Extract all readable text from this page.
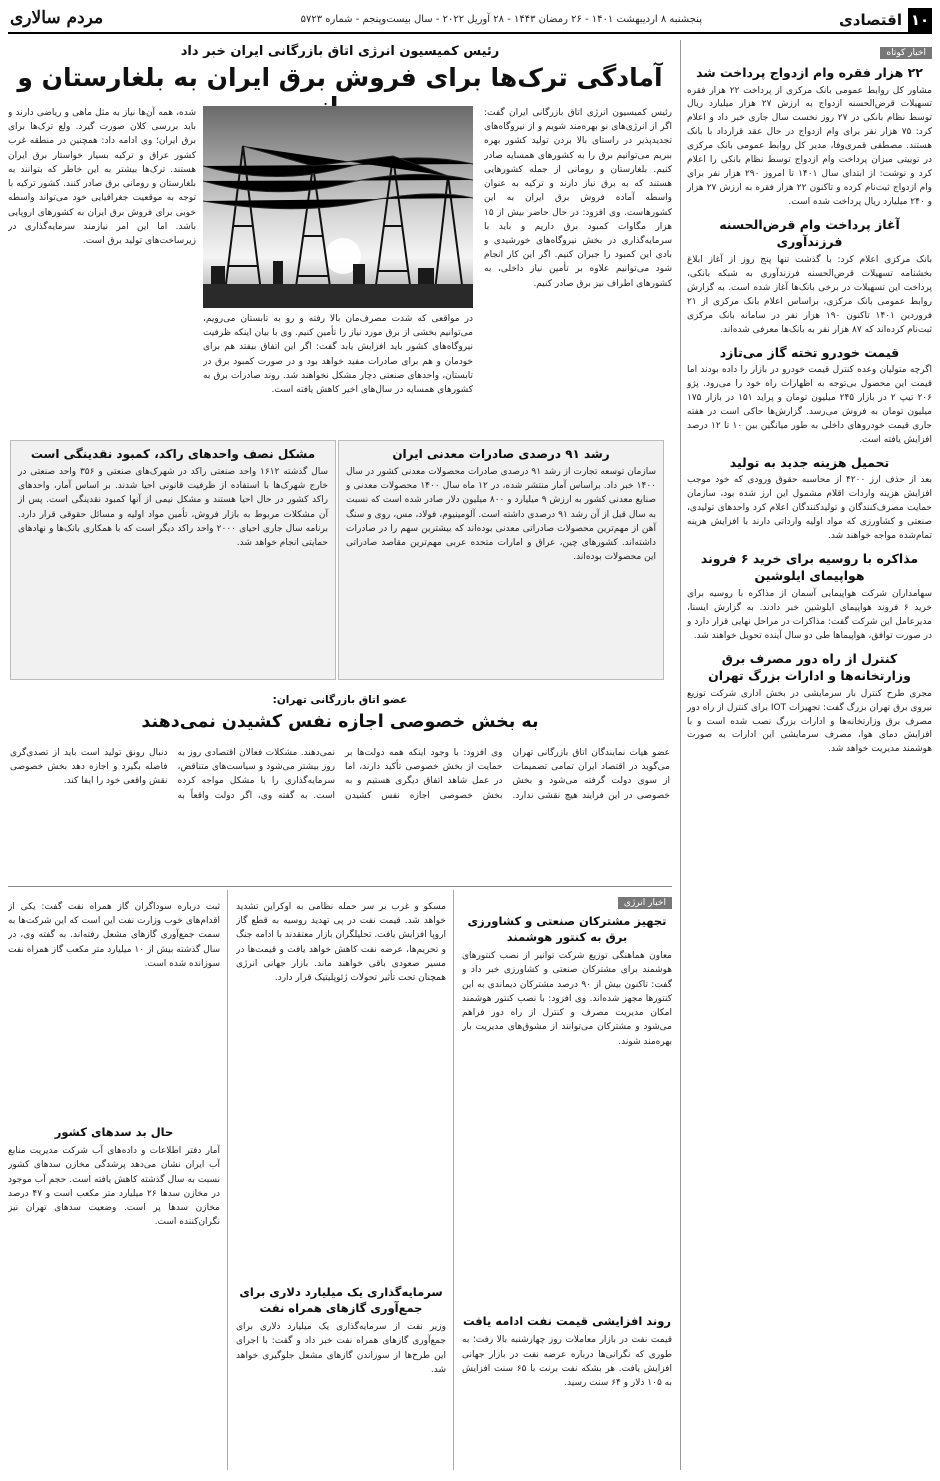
۱۰
اقتصادی
پنجشنبه ۸ اردیبهشت ۱۴۰۱ - ۲۶ رمضان ۱۴۴۳ - ۲۸ آوریل ۲۰۲۲ - سال بیست‌و‌پنجم - شماره ۵۷۲۳
مردم سالاری
اخبار کوتاه
۲۲ هزار فقره وام ازدواج پرداخت شد
مشاور کل روابط عمومی بانک مرکزی از پرداخت ۲۲ هزار فقره تسهیلات قرض‌الحسنه ازدواج به ارزش ۲۷ هزار میلیارد ریال توسط نظام بانکی در ۲۷ روز نخست سال جاری خبر داد و اعلام کرد: ۷۵ هزار نفر برای وام ازدواج در حال عقد قرارداد با بانک هستند. مصطفی قمری‌وفا، مدیر کل روابط عمومی بانک مرکزی در توییتی میزان پرداخت وام ازدواج توسط نظام بانکی را اعلام کرد و نوشت: از ابتدای سال ۱۴۰۱ تا امروز ۲۹۰ هزار نفر برای وام ازدواج ثبت‌نام کرده و تاکنون ۲۲ هزار فقره به ارزش ۲۷ هزار و ۲۴۰ میلیارد ریال پرداخت شده است.
آغاز پرداخت وام قرض‌الحسنه فرزندآوری
بانک مرکزی اعلام کرد: با گذشت تنها پنج روز از آغاز ابلاغ بخشنامه تسهیلات قرض‌الحسنه فرزندآوری به شبکه بانکی، پرداخت این تسهیلات در برخی بانک‌ها آغاز شده است. به گزارش روابط عمومی بانک مرکزی، براساس اعلام بانک مرکزی از ۲۱ فروردین ۱۴۰۱ تاکنون ۱۹۰ هزار نفر در سامانه بانک مرکزی ثبت‌نام کرده‌اند که ۸۷ هزار نفر به بانک‌ها معرفی شده‌اند.
قیمت خودرو تخته گاز می‌تازد
اگرچه متولیان وعده کنترل قیمت خودرو در بازار را داده بودند اما قیمت این محصول بی‌توجه به اظهارات راه خود را می‌رود. پژو ۲۰۶ تیپ ۲ در بازار ۲۴۵ میلیون تومان و پراید ۱۵۱ در بازار ۱۷۵ میلیون تومان به فروش می‌رسد. گزارش‌ها حاکی است در هفته جاری قیمت خودروهای داخلی به طور میانگین بین ۱۰ تا ۱۲ درصد افزایش یافته است.
تحمیل هزینه جدید به تولید
بعد از حذف ارز ۴۲۰۰ از محاسبه حقوق ورودی که خود موجب افزایش هزینه واردات اقلام مشمول این ارز شده بود، سازمان حمایت مصرف‌کنندگان و تولیدکنندگان اعلام کرد واحدهای تولیدی، صنعتی و کشاورزی که مواد اولیه وارداتی دارند با افزایش هزینه تمام‌شده مواجه خواهند شد.
مذاکره با روسیه برای خرید ۶ فروند هواپیمای ایلوشین
سهامداران شرکت هواپیمایی آسمان از مذاکره با روسیه برای خرید ۶ فروند هواپیمای ایلوشین خبر دادند. به گزارش ایسنا، مدیرعامل این شرکت گفت: مذاکرات در مراحل نهایی قرار دارد و در صورت توافق، هواپیماها طی دو سال آینده تحویل خواهند شد.
کنترل از راه دور مصرف برق وزارتخانه‌ها و ادارات بزرگ تهران
مجری طرح کنترل بار سرمایشی در بخش اداری شرکت توزیع نیروی برق تهران بزرگ گفت: تجهیزات IOT برای کنترل از راه دور مصرف برق وزارتخانه‌ها و ادارات بزرگ نصب شده است و با افزایش دمای هوا، مصرف سرمایشی این ادارات به صورت هوشمند مدیریت خواهد شد.
رئیس کمیسیون انرژی اتاق بازرگانی ایران خبر داد
آمادگی ترک‌ها برای فروش برق ایران به بلغارستان و
رئیس کمیسیون انرژی اتاق بازرگانی ایران گفت: اگر از انرژی‌های نو بهره‌مند شویم و از نیروگاه‌های تجدیدپذیر در راستای بالا بردن تولید کشور بهره ببریم می‌توانیم برق را به کشورهای همسایه صادر کنیم. بلغارستان و رومانی از جمله کشورهایی هستند که به برق نیاز دارند و ترکیه به عنوان واسطه آماده فروش برق ایران به این کشورهاست. وی افزود: در حال حاضر بیش از ۱۵ هزار مگاوات کمبود برق داریم و باید با سرمایه‌گذاری در بخش نیروگاه‌های خورشیدی و بادی این کمبود را جبران کنیم. اگر این کار انجام شود می‌توانیم علاوه بر تأمین نیاز داخلی، به کشورهای اطراف نیز برق صادر کنیم.
شده، همه آن‌ها نیاز به مثل ماهی و ریاضی دارند و باید بررسی کلان صورت گیرد. ولع ترک‌ها برای برق ایران؛ وی ادامه داد: همچنین در منطقه غرب کشور عراق و ترکیه بسیار خواستار برق ایران هستند. ترک‌ها بیشتر به این خاطر که بتوانند به بلغارستان و رومانی برق صادر کنند. کشور ترکیه با توجه به موقعیت جغرافیایی خود می‌تواند واسطه خوبی برای فروش برق ایران به کشورهای اروپایی باشد. اما این امر نیازمند سرمایه‌گذاری در زیرساخت‌های تولید برق است.
در مواقعی که شدت مصرف‌مان بالا رفته و رو به تابستان می‌رویم، می‌توانیم بخشی از برق مورد نیاز را تأمین کنیم. وی با بیان اینکه ظرفیت نیروگاه‌های کشور باید افزایش یابد گفت: اگر این اتفاق بیفتد هم برای خودمان و هم برای صادرات مفید خواهد بود و در صورت کمبود برق در تابستان، واحدهای صنعتی دچار مشکل نخواهند شد. روند صادرات برق به کشورهای همسایه در سال‌های اخیر کاهش یافته است.
رشد ۹۱ درصدی صادرات معدنی ایران
سازمان توسعه تجارت از رشد ۹۱ درصدی صادرات محصولات معدنی کشور در سال ۱۴۰۰ خبر داد. براساس آمار منتشر شده، در ۱۲ ماه سال ۱۴۰۰ محصولات معدنی و صنایع معدنی کشور به ارزش ۹ میلیارد و ۸۰۰ میلیون دلار صادر شده است که نسبت به سال قبل از آن رشد ۹۱ درصدی داشته است. آلومینیوم، فولاد، مس، روی و سنگ آهن از مهم‌ترین محصولات صادراتی معدنی بوده‌اند که بیشترین سهم را در صادرات داشته‌اند. کشورهای چین، عراق و امارات متحده عربی مهم‌ترین مقاصد صادراتی این محصولات بوده‌اند.
مشکل نصف واحدهای راکد، کمبود نقدینگی است
سال گذشته ۱۶۱۲ واحد صنعتی راکد در شهرک‌های صنعتی و ۳۵۶ واحد صنعتی در خارج شهرک‌ها با استفاده از ظرفیت قانونی احیا شدند. بر اساس آمار، واحدهای راکد کشور در حال احیا هستند و مشکل نیمی از آنها کمبود نقدینگی است. پس از آن مشکلات مربوط به بازار فروش، تأمین مواد اولیه و مسائل حقوقی قرار دارد. برنامه سال جاری احیای ۲۰۰۰ واحد راکد دیگر است که با همکاری بانک‌ها و نهادهای حمایتی انجام خواهد شد.
عضو اتاق بازرگانی تهران:
به بخش خصوصی اجازه نفس کشیدن نمی‌دهند
عضو هیات نمایندگان اتاق بازرگانی تهران می‌گوید در اقتصاد ایران تمامی تصمیمات از سوی دولت گرفته می‌شود و بخش خصوصی در این فرایند هیچ نقشی ندارد. وی افزود: با وجود اینکه همه دولت‌ها بر حمایت از بخش خصوصی تأکید دارند، اما در عمل شاهد اتفاق دیگری هستیم و به بخش خصوصی اجازه نفس کشیدن نمی‌دهند. مشکلات فعالان اقتصادی روز به روز بیشتر می‌شود و سیاست‌های متناقض، سرمایه‌گذاری را با مشکل مواجه کرده است. به گفته وی، اگر دولت واقعاً به دنبال رونق تولید است باید از تصدی‌گری فاصله بگیرد و اجازه دهد بخش خصوصی نقش واقعی خود را ایفا کند.
اخبار انرژی
تجهیز مشترکان صنعتی و کشاورزی برق به کنتور هوشمند
معاون هماهنگی توزیع شرکت توانیر از نصب کنتورهای هوشمند برای مشترکان صنعتی و کشاورزی خبر داد و گفت: تاکنون بیش از ۹۰ درصد مشترکان دیماندی به این کنتورها مجهز شده‌اند. وی افزود: با نصب کنتور هوشمند امکان مدیریت مصرف و کنترل از راه دور فراهم می‌شود و مشترکان می‌توانند از مشوق‌های مدیریت بار بهره‌مند شوند.
روند افزایشی قیمت نفت ادامه یافت
قیمت نفت در بازار معاملات روز چهارشنبه بالا رفت؛ به طوری که نگرانی‌ها درباره عرضه نفت در بازار جهانی افزایش یافت. هر بشکه نفت برنت با ۶۵ سنت افزایش به ۱۰۵ دلار و ۶۴ سنت رسید.
مسکو و غرب بر سر حمله نظامی به اوکراین تشدید خواهد شد. قیمت نفت در پی تهدید روسیه به قطع گاز اروپا افزایش یافت. تحلیلگران بازار معتقدند با ادامه جنگ و تحریم‌ها، عرضه نفت کاهش خواهد یافت و قیمت‌ها در مسیر صعودی باقی خواهند ماند. بازار جهانی انرژی همچنان تحت تأثیر تحولات ژئوپلیتیک قرار دارد.
سرمایه‌گذاری یک میلیارد دلاری برای جمع‌آوری گازهای همراه نفت
وزیر نفت از سرمایه‌گذاری یک میلیارد دلاری برای جمع‌آوری گازهای همراه نفت خبر داد و گفت: با اجرای این طرح‌ها از سوزاندن گازهای مشعل جلوگیری خواهد شد.
ثبت درباره سوداگران گاز همراه نفت گفت: یکی از اقدام‌های خوب وزارت نفت این است که این شرکت‌ها به سمت جمع‌آوری گازهای مشعل رفته‌اند. به گفته وی، در سال گذشته بیش از ۱۰ میلیارد متر مکعب گاز همراه نفت سوزانده شده است.
حال بد سدهای کشور
آمار دفتر اطلاعات و داده‌های آب شرکت مدیریت منابع آب ایران نشان می‌دهد پرشدگی مخازن سدهای کشور نسبت به سال گذشته کاهش یافته است. حجم آب موجود در مخازن سدها ۲۶ میلیارد متر مکعب است و ۴۷ درصد مخازن سدها پر است. وضعیت سدهای تهران نیز نگران‌کننده است.
